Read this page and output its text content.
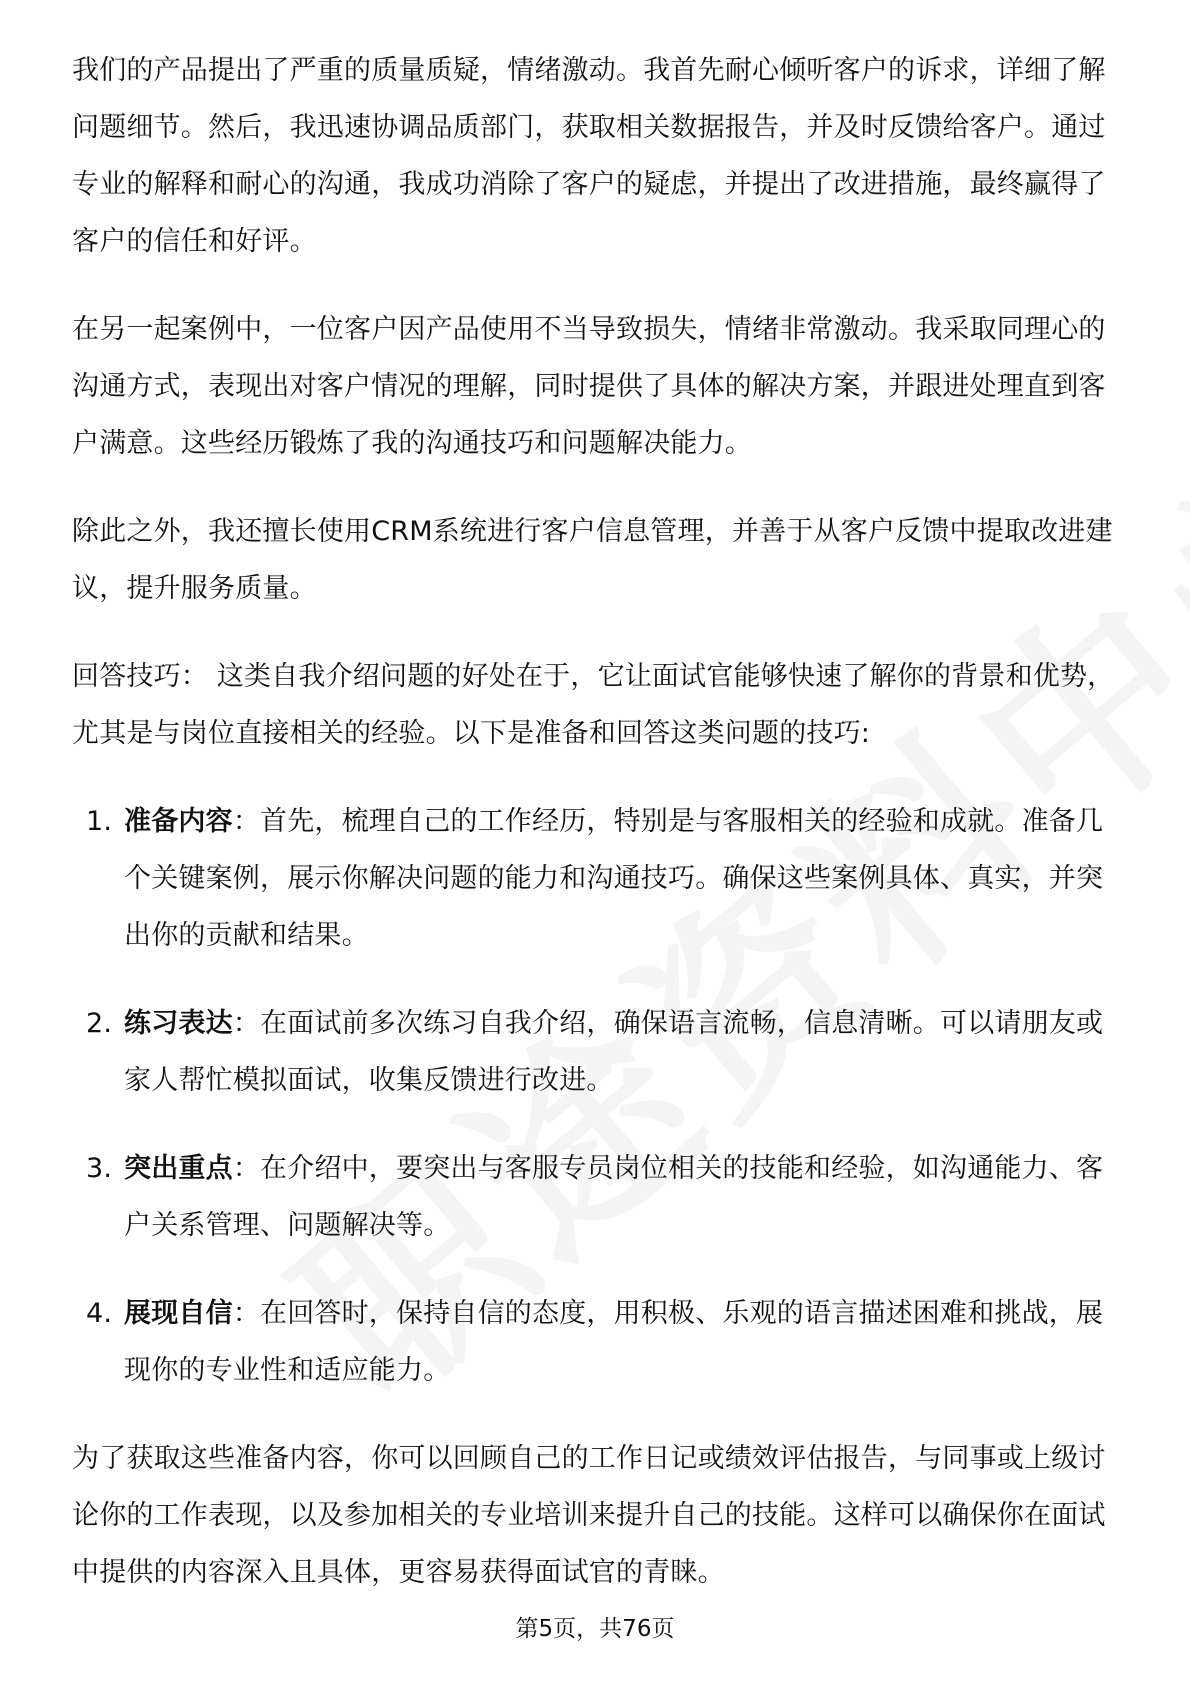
我们的产品提出了严重的质量质疑，情绪激动。我首先耐心倾听客户的诉求，详细了解问题细节。然后，我迅速协调品质部门，获取相关数据报告，并及时反馈给客户。通过专业的解释和耐心的沟通，我成功消除了客户的疑虑，并提出了改进措施，最终赢得了客户的信任和好评。

在另一起案例中，一位客户因产品使用不当导致损失，情绪非常激动。我采取同理心的沟通方式，表现出对客户情况的理解，同时提供了具体的解决方案，并跟进处理直到客户满意。这些经历锻炼了我的沟通技巧和问题解决能力。

除此之外，我还擅长使用CRM系统进行客户信息管理，并善于从客户反馈中提取改进建议，提升服务质量。

回答技巧： 这类自我介绍问题的好处在于，它让面试官能够快速了解你的背景和优势，尤其是与岗位直接相关的经验。以下是准备和回答这类问题的技巧:

1. 准备内容：首先，梳理自己的工作经历，特别是与客服相关的经验和成就。准备几个关键案例，展示你解决问题的能力和沟通技巧。确保这些案例具体、真实，并突出你的贡献和结果。
2. 练习表达：在面试前多次练习自我介绍，确保语言流畅，信息清晰。可以请朋友或家人帮忙模拟面试，收集反馈进行改进。
3. 突出重点：在介绍中，要突出与客服专员岗位相关的技能和经验，如沟通能力、客户关系管理、问题解决等。
4. 展现自信：在回答时，保持自信的态度，用积极、乐观的语言描述困难和挑战，展现你的专业性和适应能力。

为了获取这些准备内容，你可以回顾自己的工作日记或绩效评估报告，与同事或上级讨论你的工作表现，以及参加相关的专业培训来提升自己的技能。这样可以确保你在面试中提供的内容深入且具体，更容易获得面试官的青睐。

第5页，共76页
